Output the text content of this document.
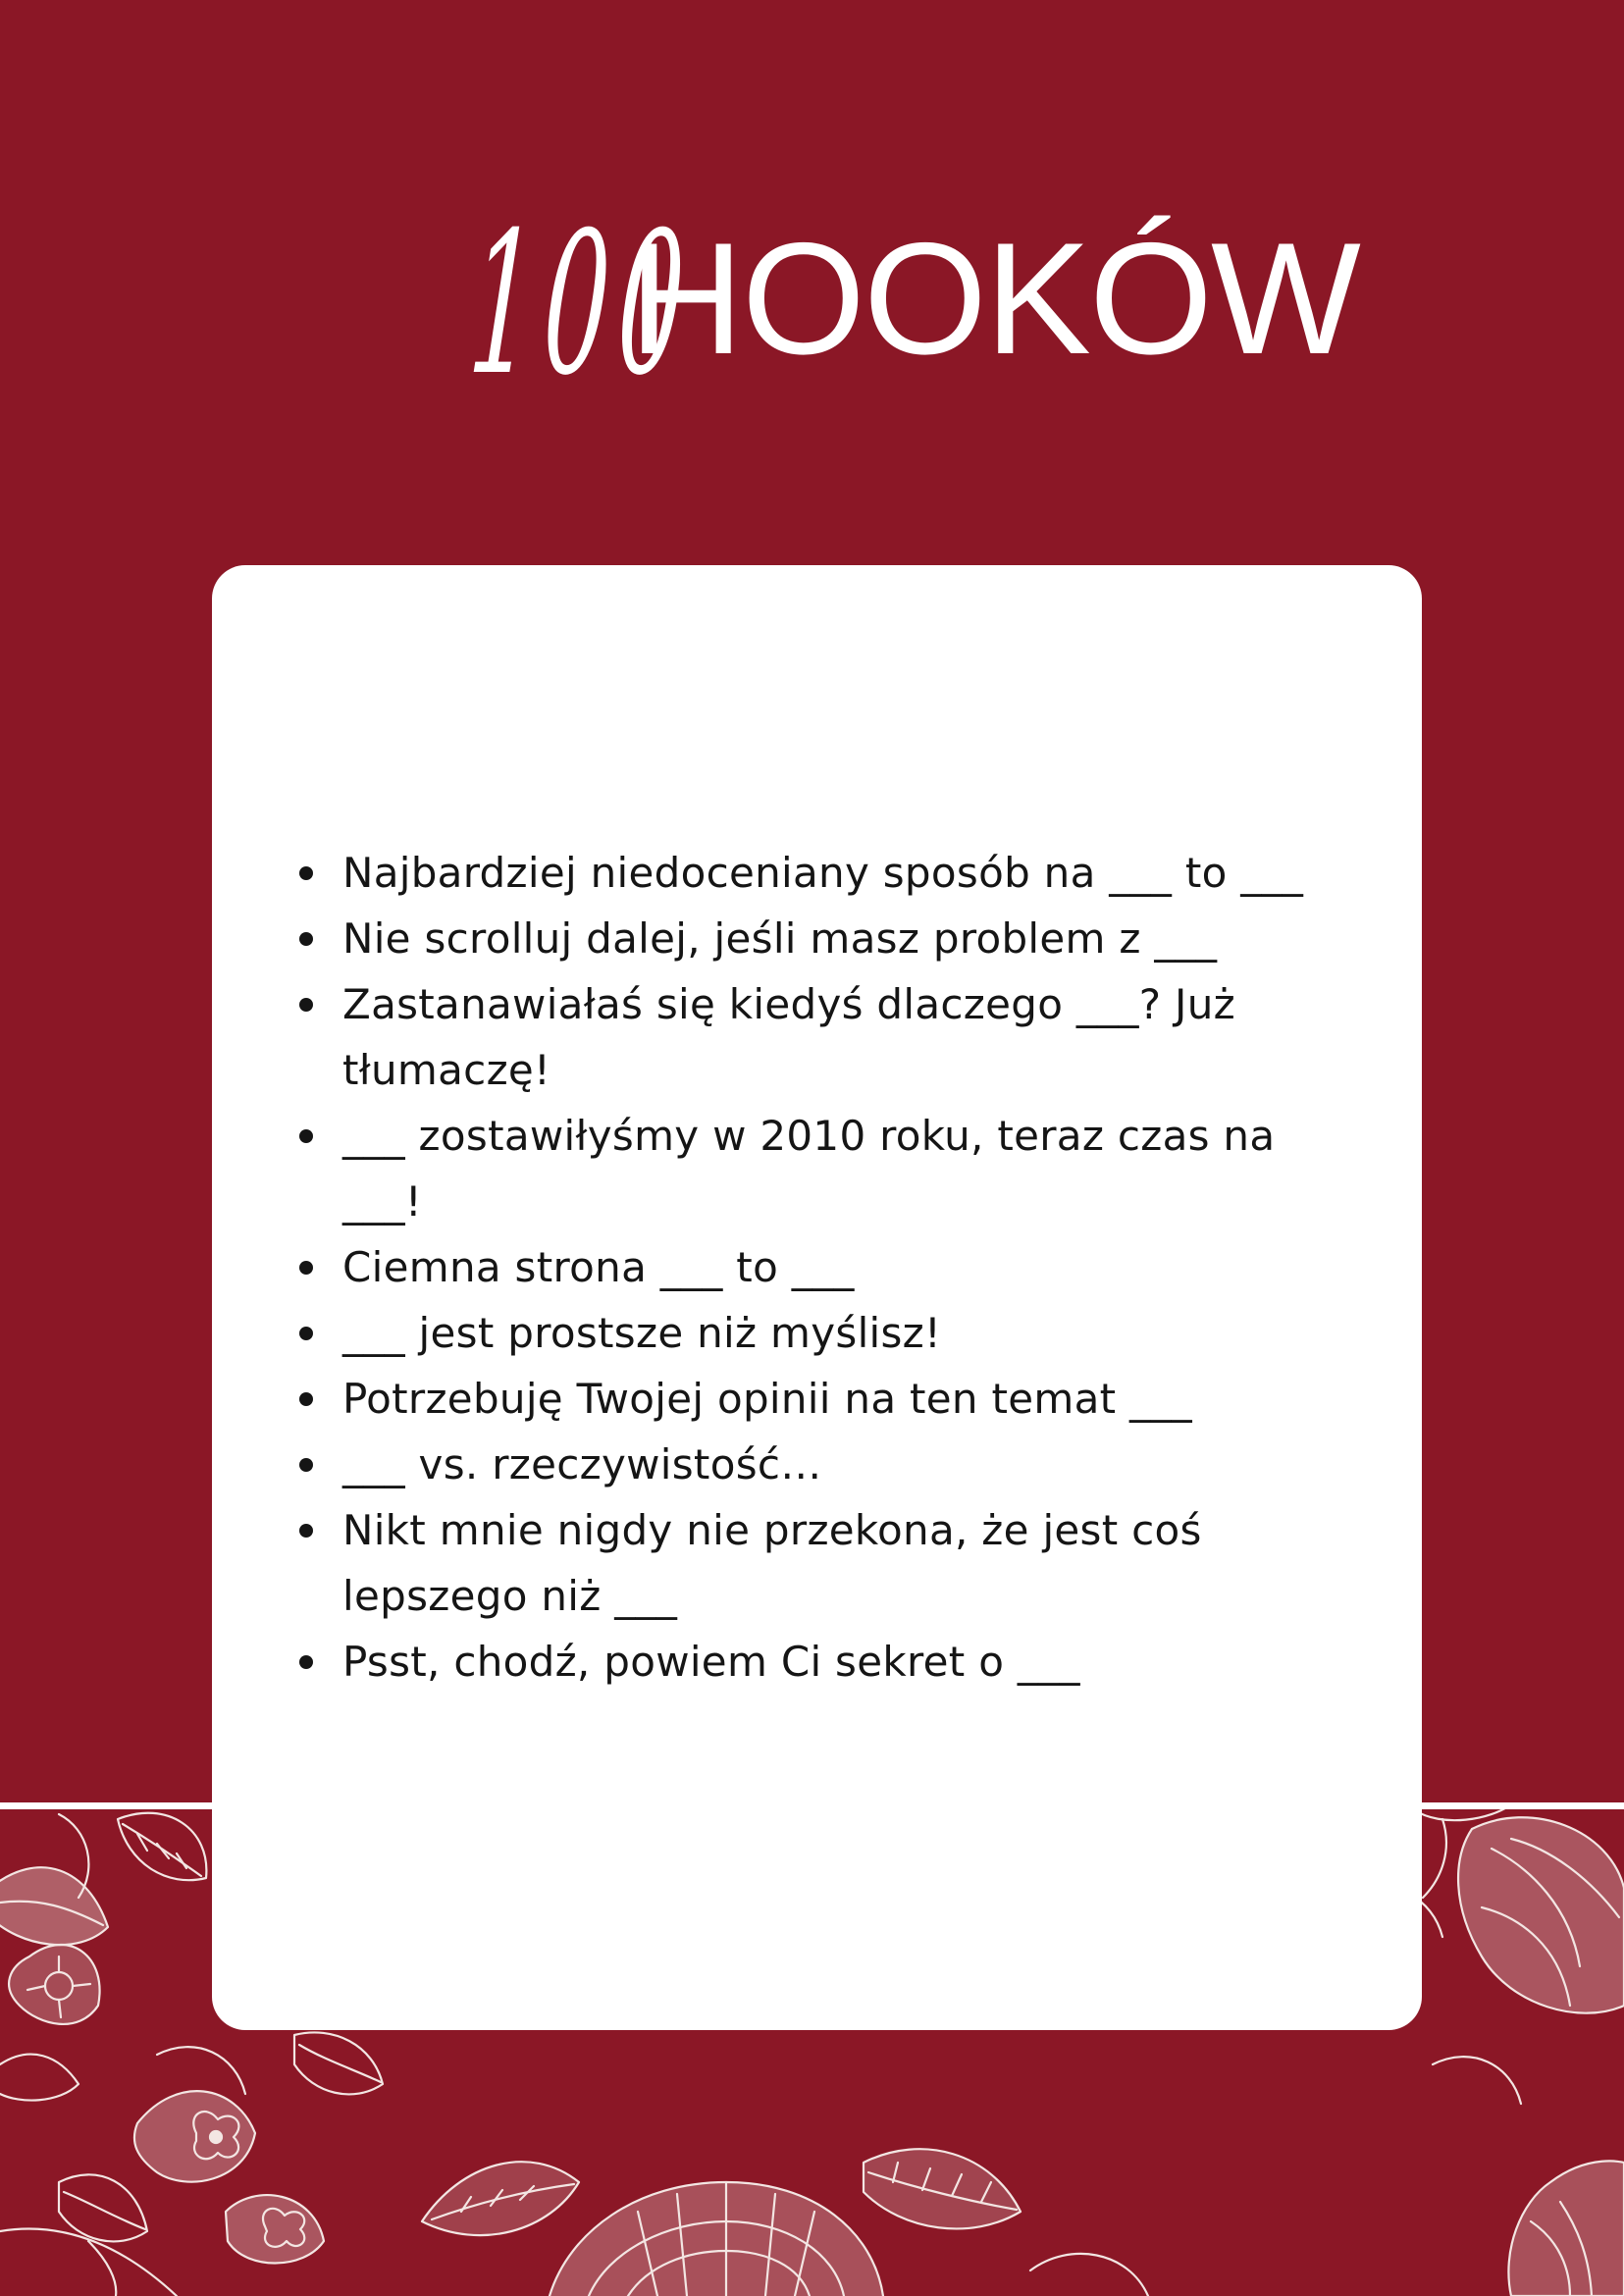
100 HOOKÓW
Najbardziej niedoceniany sposób na ___ to ___
Nie scrolluj dalej, jeśli masz problem z ___
Zastanawiałaś się kiedyś dlaczego ___? Już tłumaczę!
___ zostawiłyśmy w 2010 roku, teraz czas na ___!
Ciemna strona ___ to ___
___ jest prostsze niż myślisz!
Potrzebuję Twojej opinii na ten temat ___
___ vs. rzeczywistość…
Nikt mnie nigdy nie przekona, że jest coś lepszego niż ___
Psst, chodź, powiem Ci sekret o ___
